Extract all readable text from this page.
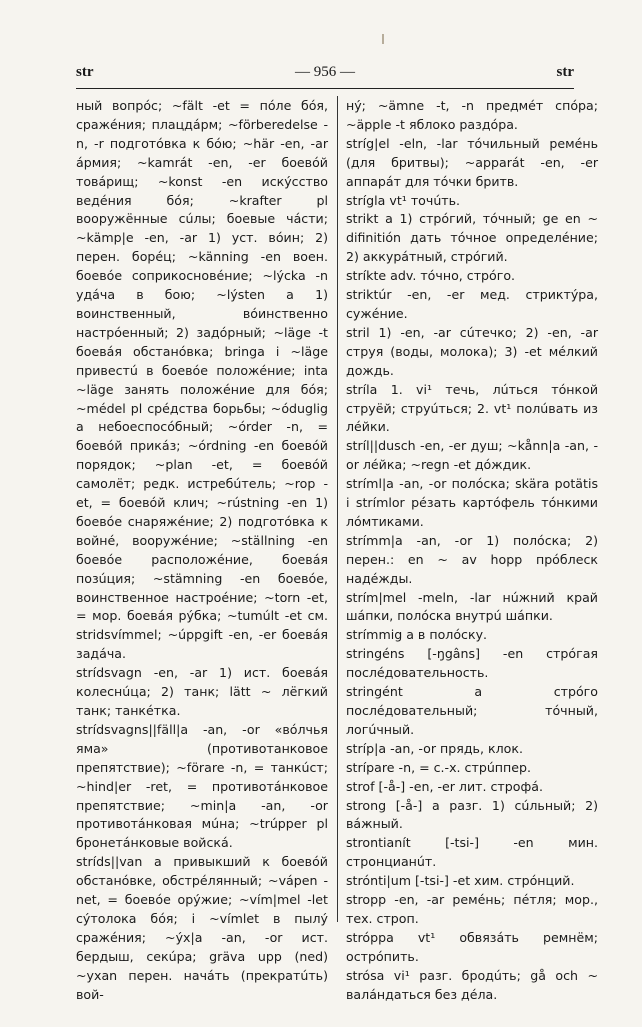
str	— 956 —	str

ный вопрóс; ~fält -et = пóле бóя, сражéния; плацдáрм; ~förberedelse -n, -r подготóвка к бóю; ~här -en, -ar áрмия; ~kamrát -en, -er боевóй товáрищ; ~konst -en искýсство ведéния бóя; ~krafter pl вооружённые сúлы; боевые чáсти; ~kämp|e -en, -ar 1) уст. вóин; 2) перен. борéц; ~känning -en воен. боевóе соприкосновéние; ~lýcka -n удáча в бою; ~lýsten a 1) воинственный, вóинственно настрóенный; 2) задóрный; ~läge -t боевáя обстанóвка; bringa i ~läge привестú в боевóе положéние; inta ~läge занять положéние для бóя; ~médel pl срéдства борьбы; ~óduglig a небоеспосóбный; ~órder -n, = боевóй прикáз; ~órdning -en боевóй порядок; ~plan -et, = боевóй самолёт; редк. истребúтель; ~rop -et, = боевóй клич; ~rústning -en 1) боевóе снаряжéние; 2) подготóвка к войнé, вооружéние; ~ställning -en боевóе расположéние, боевáя позúция; ~stämning -en боевóе, воинственное настроéние; ~torn -et, = мор. боевáя рýбка; ~tumúlt -et см. stridsvímmel; ~úppgift -en, -er боевáя задáча.

strídsvagn -en, -ar 1) ист. боевáя колеснúца; 2) танк; lätt ~ лёгкий танк; танкéтка.

strídsvagns||fäll|a -an, -or «вóлчья яма» (противотанковое препятствие); ~förare -n, = танкúст; ~hind|er -ret, = противотáнковое препятствие; ~min|a -an, -or противотáнковая мúна; ~trúpper pl бронетáнковые войскá.

stríds||van a привыкший к боевóй обстанóвке, обстрéлянный; ~vápen -net, = боевóе орýжие; ~vím|mel -let сýтолока бóя; i ~vímlet в пылý сражéния; ~ýx|a -an, -or ист. бердыш, секúра; gräva upp (ned) ~yxan перен. начáть (прекратúть) вой-

нý; ~ämne -t, -n предмéт спóра; ~äpple -t яблоко раздóра.

stríg|el -eln, -lar тóчильный ремéнь (для бритвы); ~apparát -en, -er аппарáт для тóчки бритв.

strígla vt¹ точúть.

strikt a 1) стрóгий, тóчный; ge en ~ difinitiόn дать тóчное определéние; 2) аккурáтный, стрóгий.

stríkte adv. тóчно, стрóго.

striktúr -en, -er мед. стриктýра, сужéние.

stril 1) -en, -ar сúтечко; 2) -en, -ar струя (воды, молока); 3) -et мéлкий дождь.

stríla 1. vi¹ течь, лúться тóнкой струёй; струúться; 2. vt¹ полúвать из лéйки.

stríl||dusch -en, -er душ; ~kånn|a -an, -or лéйка; ~regn -et дóждик.

stríml|a -an, -or полóска; skära potätis i strímlor рéзать картóфель тóнкими лóмтиками.

strímm|a -an, -or 1) полóска; 2) перен.: en ~ av hopp прóблеск надéжды.

strím|mel -meln, -lar нúжний край шáпки, полóска внутрú шáпки.

strímmig a в полóску.

stringéns [-ŋgâns] -en стрóгая послéдовательность.

stringént a стрóго послéдовательный; тóчный, логúчный.

stríp|a -an, -or прядь, клок.

strípare -n, = с.-х. стрúппер.

strof [-å-] -en, -er лит. строфá.

strong [-å-] a разг. 1) сúльный; 2) вáжный.

strontianít [-tsi-] -en мин. стронцианúт.

strónti|um [-tsi-] -et хим. стрóнций.

stropp -en, -ar ремéнь; пéтля; мор., тех. строп.

stróppa vt¹ обвязáть ремнём; острóпить.

strósa vi¹ разг. бродúть; gå och ~ валáндаться без дéла.
